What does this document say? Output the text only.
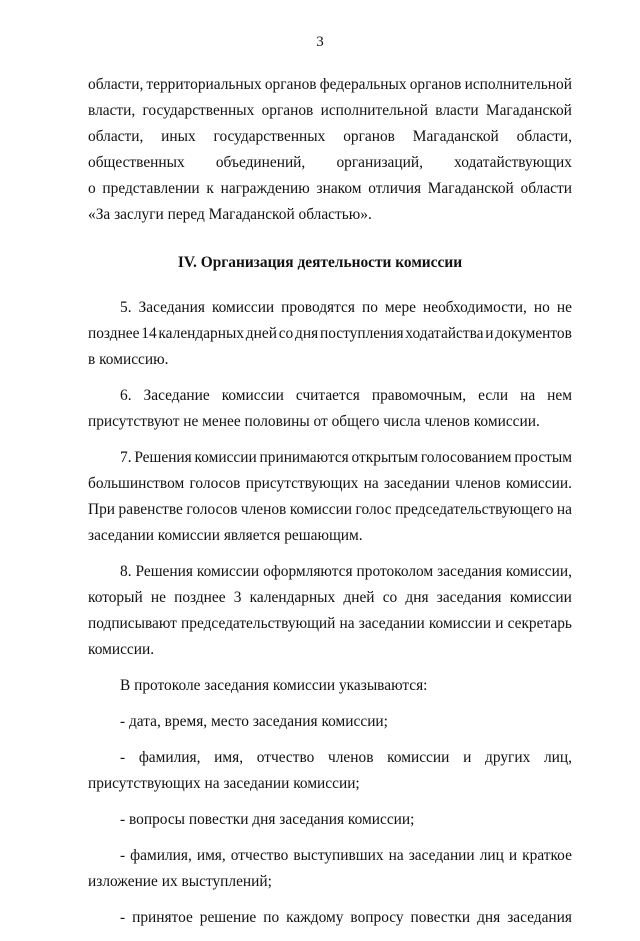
3
области, территориальных органов федеральных органов исполнительной
власти, государственных органов исполнительной власти Магаданской
области, иных государственных органов Магаданской области,
общественных объединений, организаций, ходатайствующих
о представлении к награждению знаком отличия Магаданской области
«За заслуги перед Магаданской областью».
IV. Организация деятельности комиссии
5. Заседания комиссии проводятся по мере необходимости, но не
позднее 14 календарных дней со дня поступления ходатайства и документов
в комиссию.
6. Заседание комиссии считается правомочным, если на нем
присутствуют не менее половины от общего числа членов комиссии.
7. Решения комиссии принимаются открытым голосованием простым
большинством голосов присутствующих на заседании членов комиссии.
При равенстве голосов членов комиссии голос председательствующего на
заседании комиссии является решающим.
8. Решения комиссии оформляются протоколом заседания комиссии,
который не позднее 3 календарных дней со дня заседания комиссии
подписывают председательствующий на заседании комиссии и секретарь
комиссии.
В протоколе заседания комиссии указываются:
- дата, время, место заседания комиссии;
- фамилия, имя, отчество членов комиссии и других лиц,
присутствующих на заседании комиссии;
- вопросы повестки дня заседания комиссии;
- фамилия, имя, отчество выступивших на заседании лиц и краткое
изложение их выступлений;
- принятое решение по каждому вопросу повестки дня заседания
